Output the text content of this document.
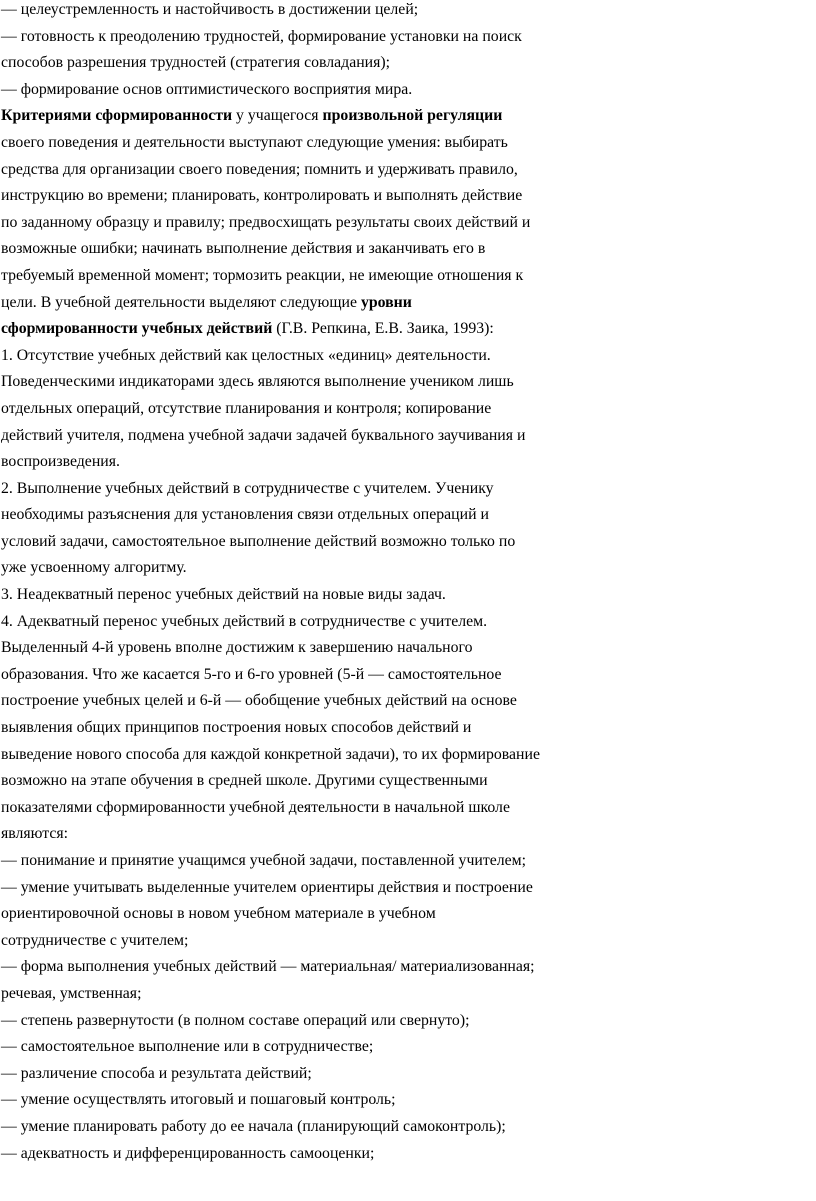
— целеустремленность и настойчивость в достижении целей;
— готовность к преодолению трудностей, формирование установки на поиск
способов разрешения трудностей (стратегия совладания);
— формирование основ оптимистического восприятия мира.
Критериями сформированности у учащегося произвольной регуляции
своего поведения и деятельности выступают следующие умения: выбирать
средства для организации своего поведения; помнить и удерживать правило,
инструкцию во времени; планировать, контролировать и выполнять действие
по заданному образцу и правилу; предвосхищать результаты своих действий и
возможные ошибки; начинать выполнение действия и заканчивать его в
требуемый временной момент; тормозить реакции, не имеющие отношения к
цели. В учебной деятельности выделяют следующие уровни
сформированности учебных действий (Г.В. Репкина, Е.В. Заика, 1993):
1. Отсутствие учебных действий как целостных «единиц» деятельности.
Поведенческими индикаторами здесь являются выполнение учеником лишь
отдельных операций, отсутствие планирования и контроля; копирование
действий учителя, подмена учебной задачи задачей буквального заучивания и
воспроизведения.
2. Выполнение учебных действий в сотрудничестве с учителем. Ученику
необходимы разъяснения для установления связи отдельных операций и
условий задачи, самостоятельное выполнение действий возможно только по
уже усвоенному алгоритму.
3. Неадекватный перенос учебных действий на новые виды задач.
4. Адекватный перенос учебных действий в сотрудничестве с учителем.
Выделенный 4-й уровень вполне достижим к завершению начального
образования. Что же касается 5-го и 6-го уровней (5-й — самостоятельное
построение учебных целей и 6-й — обобщение учебных действий на основе
выявления общих принципов построения новых способов действий и
выведение нового способа для каждой конкретной задачи), то их формирование
возможно на этапе обучения в средней школе. Другими существенными
показателями сформированности учебной деятельности в начальной школе
являются:
— понимание и принятие учащимся учебной задачи, поставленной учителем;
— умение учитывать выделенные учителем ориентиры действия и построение
ориентировочной основы в новом учебном материале в учебном
сотрудничестве с учителем;
— форма выполнения учебных действий — материальная/ материализованная;
речевая, умственная;
— степень развернутости (в полном составе операций или свернуто);
— самостоятельное выполнение или в сотрудничестве;
— различение способа и результата действий;
— умение осуществлять итоговый и пошаговый контроль;
— умение планировать работу до ее начала (планирующий самоконтроль);
— адекватность и дифференцированность самооценки;
